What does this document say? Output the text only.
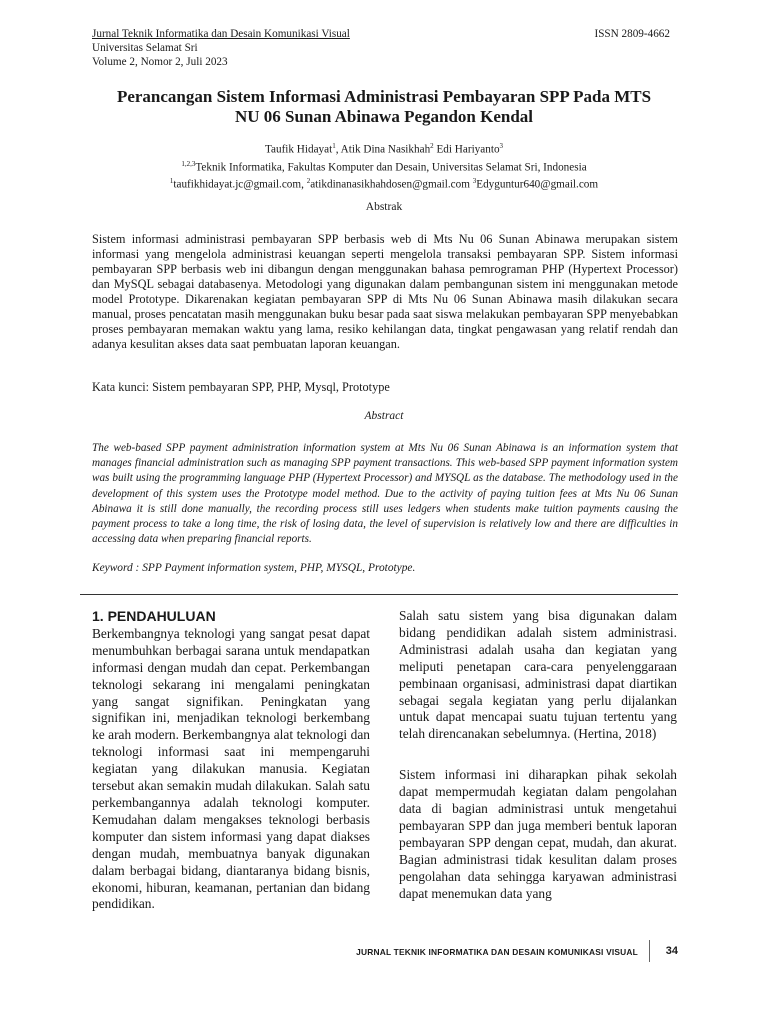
Jurnal Teknik Informatika dan Desain Komunikasi Visual	ISSN 2809-4662
Universitas Selamat Sri
Volume 2, Nomor 2, Juli 2023
Perancangan Sistem Informasi Administrasi Pembayaran SPP Pada MTS
NU 06 Sunan Abinawa Pegandon Kendal
Taufik Hidayat$^1$, Atik Dina Nasikhah$^2$ Edi Hariyanto$^3$
$^{1,2,3}$Teknik Informatika, Fakultas Komputer dan Desain, Universitas Selamat Sri, Indonesia
$^1$taufikhidayat.jc@gmail.com, $^2$atikdinanasikhahdosen@gmail.com $^3$Edyguntur640@gmail.com
Abstrak
Sistem informasi administrasi pembayaran SPP berbasis web di Mts Nu 06 Sunan Abinawa merupakan sistem informasi yang mengelola administrasi keuangan seperti mengelola transaksi pembayaran SPP. Sistem informasi pembayaran SPP berbasis web ini dibangun dengan menggunakan bahasa pemrograman PHP (Hypertext Processor) dan MySQL sebagai databasenya. Metodologi yang digunakan dalam pembangunan sistem ini menggunakan metode model Prototype. Dikarenakan kegiatan pembayaran SPP di Mts Nu 06 Sunan Abinawa masih dilakukan secara manual, proses pencatatan masih menggunakan buku besar pada saat siswa melakukan pembayaran SPP menyebabkan proses pembayaran memakan waktu yang lama, resiko kehilangan data, tingkat pengawasan yang relatif rendah dan adanya kesulitan akses data saat pembuatan laporan keuangan.
Kata kunci: Sistem pembayaran SPP, PHP, Mysql, Prototype
Abstract
The web-based SPP payment administration information system at Mts Nu 06 Sunan Abinawa is an information system that manages financial administration such as managing SPP payment transactions. This web-based SPP payment information system was built using the programming language PHP (Hypertext Processor) and MYSQL as the database. The methodology used in the development of this system uses the Prototype model method. Due to the activity of paying tuition fees at Mts Nu 06 Sunan Abinawa it is still done manually, the recording process still uses ledgers when students make tuition payments causing the payment process to take a long time, the risk of losing data, the level of supervision is relatively low and there are difficulties in accessing data when preparing financial reports.
Keyword : SPP Payment information system, PHP, MYSQL, Prototype.
1. PENDAHULUAN

Berkembangnya teknologi yang sangat pesat dapat menumbuhkan berbagai sarana untuk mendapatkan informasi dengan mudah dan cepat. Perkembangan teknologi sekarang ini mengalami peningkatan yang sangat signifikan. Peningkatan yang signifikan ini, menjadikan teknologi berkembang ke arah modern. Berkembangnya alat teknologi dan teknologi informasi saat ini mempengaruhi kegiatan yang dilakukan manusia. Kegiatan tersebut akan semakin mudah dilakukan. Salah satu perkembangannya adalah teknologi komputer. Kemudahan dalam mengakses teknologi berbasis komputer dan sistem informasi yang dapat diakses dengan mudah, membuatnya banyak digunakan dalam berbagai bidang, diantaranya bidang bisnis, ekonomi, hiburan, keamanan, pertanian dan bidang pendidikan.

Salah satu sistem yang bisa digunakan dalam bidang pendidikan adalah sistem administrasi. Administrasi adalah usaha dan kegiatan yang meliputi penetapan cara-cara penyelenggaraan pembinaan organisasi, administrasi dapat diartikan sebagai segala kegiatan yang perlu dijalankan untuk dapat mencapai suatu tujuan tertentu yang telah direncanakan sebelumnya. (Hertina, 2018)

Sistem informasi ini diharapkan pihak sekolah dapat mempermudah kegiatan dalam pengolahan data di bagian administrasi untuk mengetahui pembayaran SPP dan juga memberi bentuk laporan pembayaran SPP dengan cepat, mudah, dan akurat. Bagian administrasi tidak kesulitan dalam proses pengolahan data sehingga karyawan administrasi dapat menemukan data yang

JURNAL TEKNIK INFORMATIKA DAN DESAIN KOMUNIKASI VISUAL	34
